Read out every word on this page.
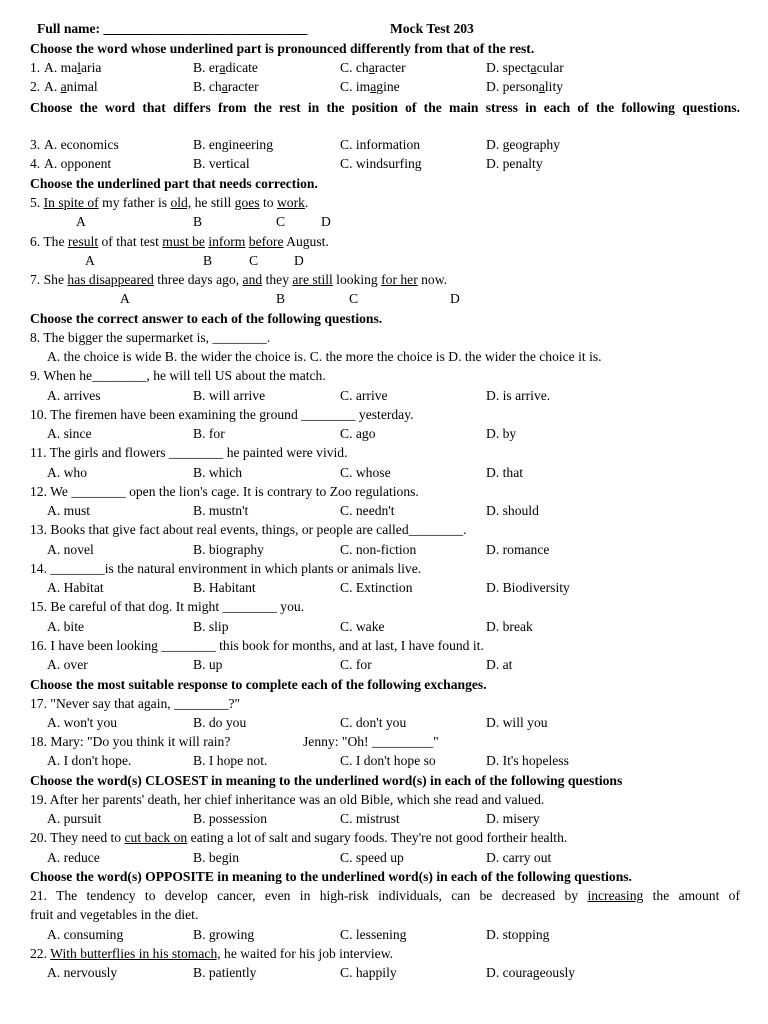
Full name: ______________________________	Mock Test 203
Choose the word whose underlined part is pronounced differently from that of the rest.
1. A. malaria	B. eradicate	C. character	D. spectacular
2. A. animal	B. character	C. imagine	D. personality
Choose the word that differs from the rest in the position of the main stress in each of the following questions.
3. A. economics	B. engineering	C. information	D. geography
4. A. opponent	B. vertical	C. windsurfing	D. penalty
Choose the underlined part that needs correction.
5. In spite of my father is old, he still goes to work.
A	B	C	D
6. The result of that test must be inform before August.
A	B	C	D
7. She has disappeared three days ago, and they are still looking for her now.
A	B	C	D
Choose the correct answer to each of the following questions.
8. The bigger the supermarket is, ________.
A. the choice is wide B. the wider the choice is. C. the more the choice is D. the wider the choice it is.
9. When he________, he will tell US about the match.
A. arrives	B. will arrive	C. arrive	D. is arrive.
10. The firemen have been examining the ground ________ yesterday.
A. since	B. for	C. ago	D. by
11. The girls and flowers ________ he painted were vivid.
A. who	B. which	C. whose	D. that
12. We ________ open the lion's cage. It is contrary to Zoo regulations.
A. must	B. mustn't	C. needn't	D. should
13. Books that give fact about real events, things, or people are called________.
A. novel	B. biography	C. non-fiction	D. romance
14. ________is the natural environment in which plants or animals live.
A. Habitat	B. Habitant	C. Extinction	D. Biodiversity
15. Be careful of that dog. It might ________ you.
A. bite	B. slip	C. wake	D. break
16. I have been looking ________ this book for months, and at last, I have found it.
A. over	B. up	C. for	D. at
Choose the most suitable response to complete each of the following exchanges.
17. "Never say that again, ________?"
A. won't you	B. do you	C. don't you	D. will you
18. Mary: "Do you think it will rain?	Jenny: "Oh! _________"
A. I don't hope.	B. I hope not.	C. I don't hope so	D. It's hopeless
Choose the word(s) CLOSEST in meaning to the underlined word(s) in each of the following questions
19. After her parents' death, her chief inheritance was an old Bible, which she read and valued.
A. pursuit	B. possession	C. mistrust	D. misery
20. They need to cut back on eating a lot of salt and sugary foods. They're not good fortheir health.
A. reduce	B. begin	C. speed up	D. carry out
Choose the word(s) OPPOSITE in meaning to the underlined word(s) in each of the following questions.
21. The tendency to develop cancer, even in high-risk individuals, can be decreased by increasing the amount of
fruit and vegetables in the diet.
A. consuming	B. growing	C. lessening	D. stopping
22. With butterflies in his stomach, he waited for his job interview.
A. nervously	B. patiently	C. happily	D. courageously
